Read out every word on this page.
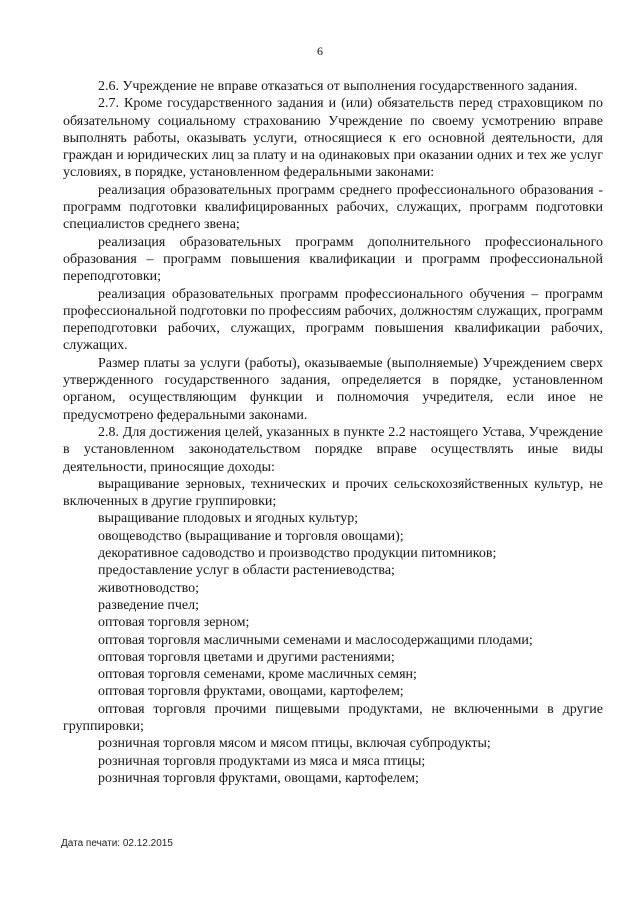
6

2.6. Учреждение не вправе отказаться от выполнения государственного задания.

2.7. Кроме государственного задания и (или) обязательств перед страховщиком по обязательному социальному страхованию Учреждение по своему усмотрению вправе выполнять работы, оказывать услуги, относящиеся к его основной деятельности, для граждан и юридических лиц за плату и на одинаковых при оказании одних и тех же услуг условиях, в порядке, установленном федеральными законами:

реализация образовательных программ среднего профессионального образования - программ подготовки квалифицированных рабочих, служащих, программ подготовки специалистов среднего звена;

реализация образовательных программ дополнительного профессионального образования – программ повышения квалификации и программ профессиональной переподготовки;

реализация образовательных программ профессионального обучения – программ профессиональной подготовки по профессиям рабочих, должностям служащих, программ переподготовки рабочих, служащих, программ повышения квалификации рабочих, служащих.

Размер платы за услуги (работы), оказываемые (выполняемые) Учреждением сверх утвержденного государственного задания, определяется в порядке, установленном органом, осуществляющим функции и полномочия учредителя, если иное не предусмотрено федеральными законами.

2.8. Для достижения целей, указанных в пункте 2.2 настоящего Устава, Учреждение в установленном законодательством порядке вправе осуществлять иные виды деятельности, приносящие доходы:

выращивание зерновых, технических и прочих сельскохозяйственных культур, не включенных в другие группировки;

выращивание плодовых и ягодных культур;

овощеводство (выращивание и торговля овощами);

декоративное садоводство и производство продукции питомников;

предоставление услуг в области растениеводства;

животноводство;

разведение пчел;

оптовая торговля зерном;

оптовая торговля масличными семенами и маслосодержащими плодами;

оптовая торговля цветами и другими растениями;

оптовая торговля семенами, кроме масличных семян;

оптовая торговля фруктами, овощами, картофелем;

оптовая торговля прочими пищевыми продуктами, не включенными в другие группировки;

розничная торговля мясом и мясом птицы, включая субпродукты;

розничная торговля продуктами из мяса и мяса птицы;

розничная торговля фруктами, овощами, картофелем;

Дата печати: 02.12.2015
